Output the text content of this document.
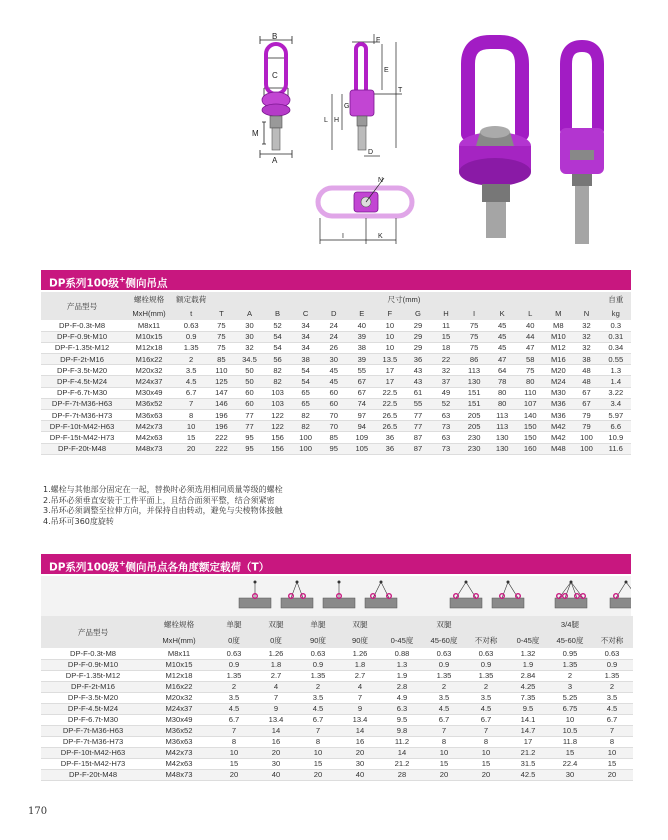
B
C
M
A
F
E
T
L H
G
D
N
I	K
DP系列100级+侧向吊点
产品型号	螺栓规格	额定载荷	尺寸(mm)														自重
	MxH(mm)	t	T	A	B	C	D	E	F	G	H	I	K	L	M	N	kg
DP-F-0.3t-M8	M8x11	0.63	75	30	52	34	24	40	10	29	11	75	45	40	M8	32	0.3
DP-F-0.9t-M10	M10x15	0.9	75	30	54	34	24	39	10	29	15	75	45	44	M10	32	0.31
DP-F-1.35t-M12	M12x18	1.35	75	32	54	34	26	38	10	29	18	75	45	47	M12	32	0.34
DP-F-2t-M16	M16x22	2	85	34.5	56	38	30	39	13.5	36	22	86	47	58	M16	38	0.55
DP-F-3.5t-M20	M20x32	3.5	110	50	82	54	45	55	17	43	32	113	64	75	M20	48	1.3
DP-F-4.5t-M24	M24x37	4.5	125	50	82	54	45	67	17	43	37	130	78	80	M24	48	1.4
DP-F-6.7t-M30	M30x49	6.7	147	60	103	65	60	67	22.5	61	49	151	80	110	M30	67	3.22
DP-F-7t-M36-H63	M36x52	7	146	60	103	65	60	74	22.5	55	52	151	80	107	M36	67	3.4
DP-F-7t-M36-H73	M36x63	8	196	77	122	82	70	97	26.5	77	63	205	113	140	M36	79	5.97
DP-F-10t-M42-H63	M42x73	10	196	77	122	82	70	94	26.5	77	73	205	113	150	M42	79	6.6
DP-F-15t-M42-H73	M42x63	15	222	95	156	100	85	109	36	87	63	230	130	150	M42	100	10.9
DP-F-20t-M48	M48x73	20	222	95	156	100	95	105	36	87	73	230	130	160	M48	100	11.6
1.螺栓与其他部分固定在一起，替换时必须选用相同质量等级的螺栓
2.吊环必须垂直安装于工件平面上，且结合面须平整，结合须紧密
3.吊环必须调整至拉伸方向，并保持自由转动，避免与尖棱物体接触
4.吊环可360度旋转
DP系列100级+侧向吊点各角度额定载荷（T）
产品型号	螺栓规格	单腿	双腿	单腿	双腿	双腿			3/4腿		
	MxH(mm)	0度	0度	90度	90度	0-45度	45-60度	不对称	0-45度	45-60度	不对称
DP-F-0.3t-M8	M8x11	0.63	1.26	0.63	1.26	0.88	0.63	0.63	1.32	0.95	0.63
DP-F-0.9t-M10	M10x15	0.9	1.8	0.9	1.8	1.3	0.9	0.9	1.9	1.35	0.9
DP-F-1.35t-M12	M12x18	1.35	2.7	1.35	2.7	1.9	1.35	1.35	2.84	2	1.35
DP-F-2t-M16	M16x22	2	4	2	4	2.8	2	2	4.25	3	2
DP-F-3.5t-M20	M20x32	3.5	7	3.5	7	4.9	3.5	3.5	7.35	5.25	3.5
DP-F-4.5t-M24	M24x37	4.5	9	4.5	9	6.3	4.5	4.5	9.5	6.75	4.5
DP-F-6.7t-M30	M30x49	6.7	13.4	6.7	13.4	9.5	6.7	6.7	14.1	10	6.7
DP-F-7t-M36-H63	M36x52	7	14	7	14	9.8	7	7	14.7	10.5	7
DP-F-7t-M36-H73	M36x63	8	16	8	16	11.2	8	8	17	11.8	8
DP-F-10t-M42-H63	M42x73	10	20	10	20	14	10	10	21.2	15	10
DP-F-15t-M42-H73	M42x63	15	30	15	30	21.2	15	15	31.5	22.4	15
DP-F-20t-M48	M48x73	20	40	20	40	28	20	20	42.5	30	20
170
